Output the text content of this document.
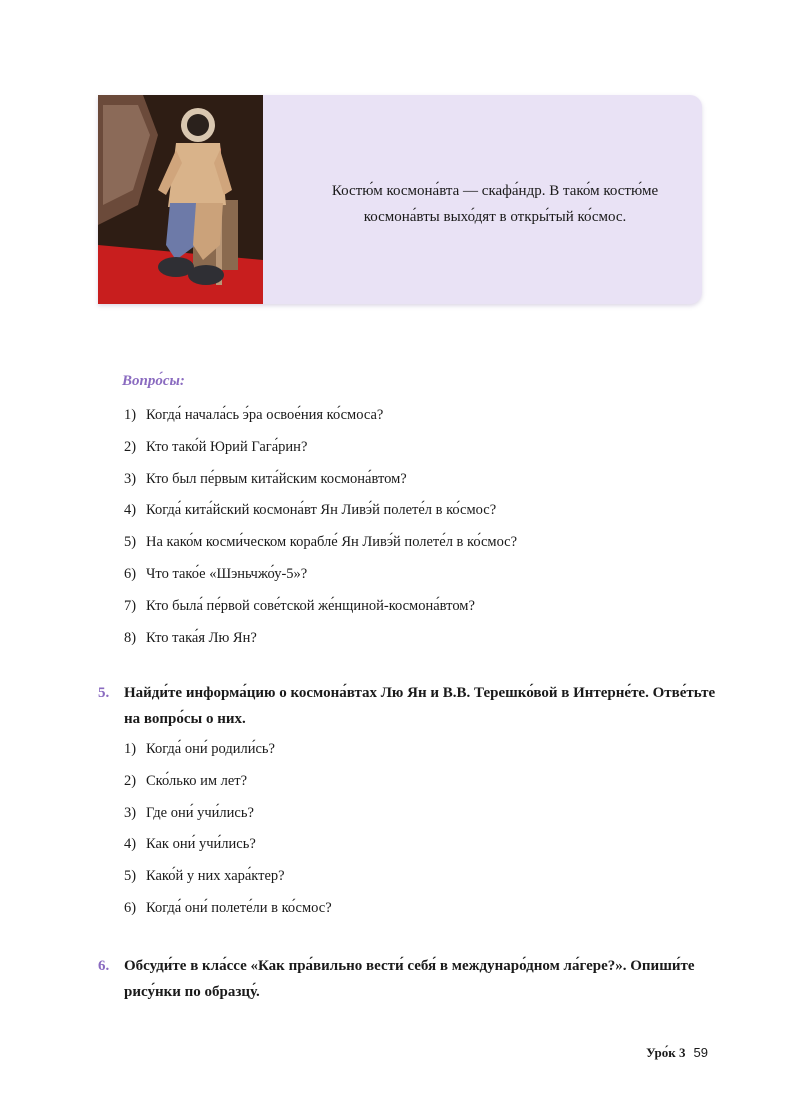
Костю́м космона́вта — скафа́ндр. В тако́м костю́ме
космона́вты выхо́дят в откры́тый ко́смос.
Вопро́сы:
1) Когда́ начала́сь э́ра освое́ния ко́смоса?
2) Кто тако́й Юрий Гага́рин?
3) Кто был пе́рвым кита́йским космона́втом?
4) Когда́ кита́йский космона́вт Ян Ливэ́й полете́л в ко́смос?
5) На како́м косми́ческом корабле́ Ян Ливэ́й полете́л в ко́смос?
6) Что тако́е «Шэньчжо́у-5»?
7) Кто была́ пе́рвой сове́тской же́нщиной-космона́втом?
8) Кто така́я Лю Ян?
5. Найди́те информа́цию о космона́втах Лю Ян и В.В. Терешко́вой в Интерне́те. Отве́тьте
на вопро́сы о них.
1) Когда́ они́ родили́сь?
2) Ско́лько им лет?
3) Где они́ учи́лись?
4) Как они́ учи́лись?
5) Како́й у них хара́ктер?
6) Когда́ они́ полете́ли в ко́смос?
6. Обсуди́те в кла́ссе «Как пра́вильно вести́ себя́ в междунаро́дном ла́гере?». Опиши́те
рису́нки по образцу́.
Уро́к 3 59
